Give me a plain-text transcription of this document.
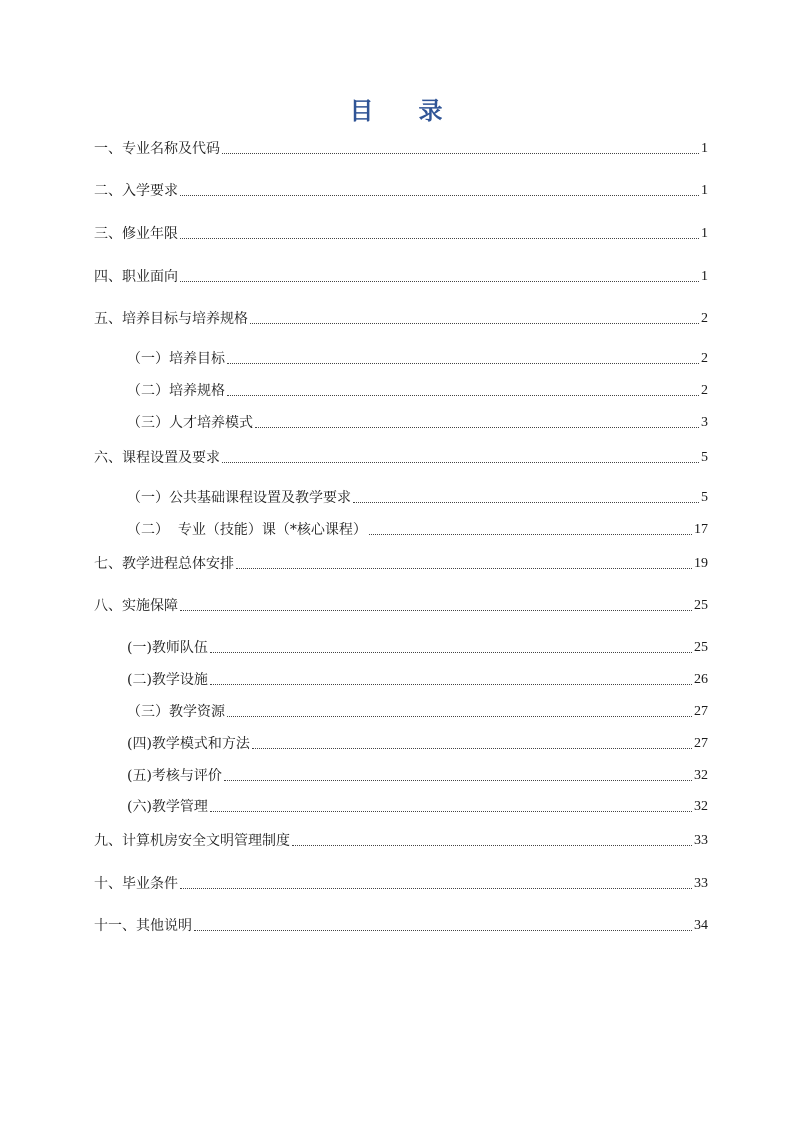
目 录
一、专业名称及代码	1
二、入学要求	1
三、修业年限	1
四、职业面向	1
五、培养目标与培养规格	2
（一）培养目标	2
（二）培养规格	2
（三）人才培养模式	3
六、课程设置及要求	5
（一）公共基础课程设置及教学要求	5
（二）  专业（技能）课（*核心课程）	17
七、教学进程总体安排	19
八、实施保障	25
(一)教师队伍	25
(二)教学设施	26
（三）教学资源	27
(四)教学模式和方法	27
(五)考核与评价	32
(六)教学管理	32
九、计算机房安全文明管理制度	33
十、毕业条件	33
十一、其他说明	34
